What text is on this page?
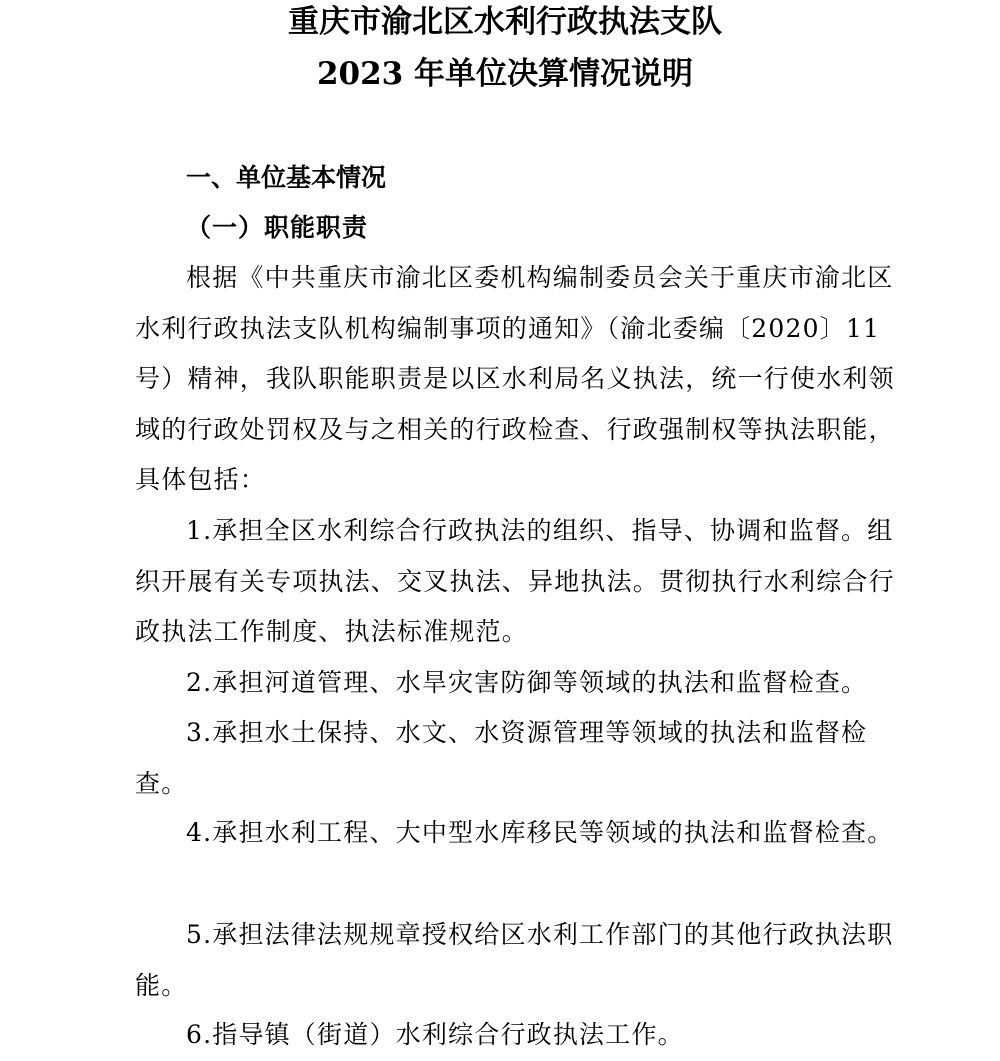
重庆市渝北区水利行政执法支队
2023 年单位决算情况说明
一、单位基本情况
（一）职能职责

根据《中共重庆市渝北区委机构编制委员会关于重庆市渝北区水利行政执法支队机构编制事项的通知》（渝北委编〔2020〕11 号）精神，我队职能职责是以区水利局名义执法，统一行使水利领域的行政处罚权及与之相关的行政检查、行政强制权等执法职能，具体包括：

1.承担全区水利综合行政执法的组织、指导、协调和监督。组织开展有关专项执法、交叉执法、异地执法。贯彻执行水利综合行政执法工作制度、执法标准规范。

2.承担河道管理、水旱灾害防御等领域的执法和监督检查。

3.承担水土保持、水文、水资源管理等领域的执法和监督检查。

4.承担水利工程、大中型水库移民等领域的执法和监督检查。

5.承担法律法规规章授权给区水利工作部门的其他行政执法职能。

6.指导镇（街道）水利综合行政执法工作。
